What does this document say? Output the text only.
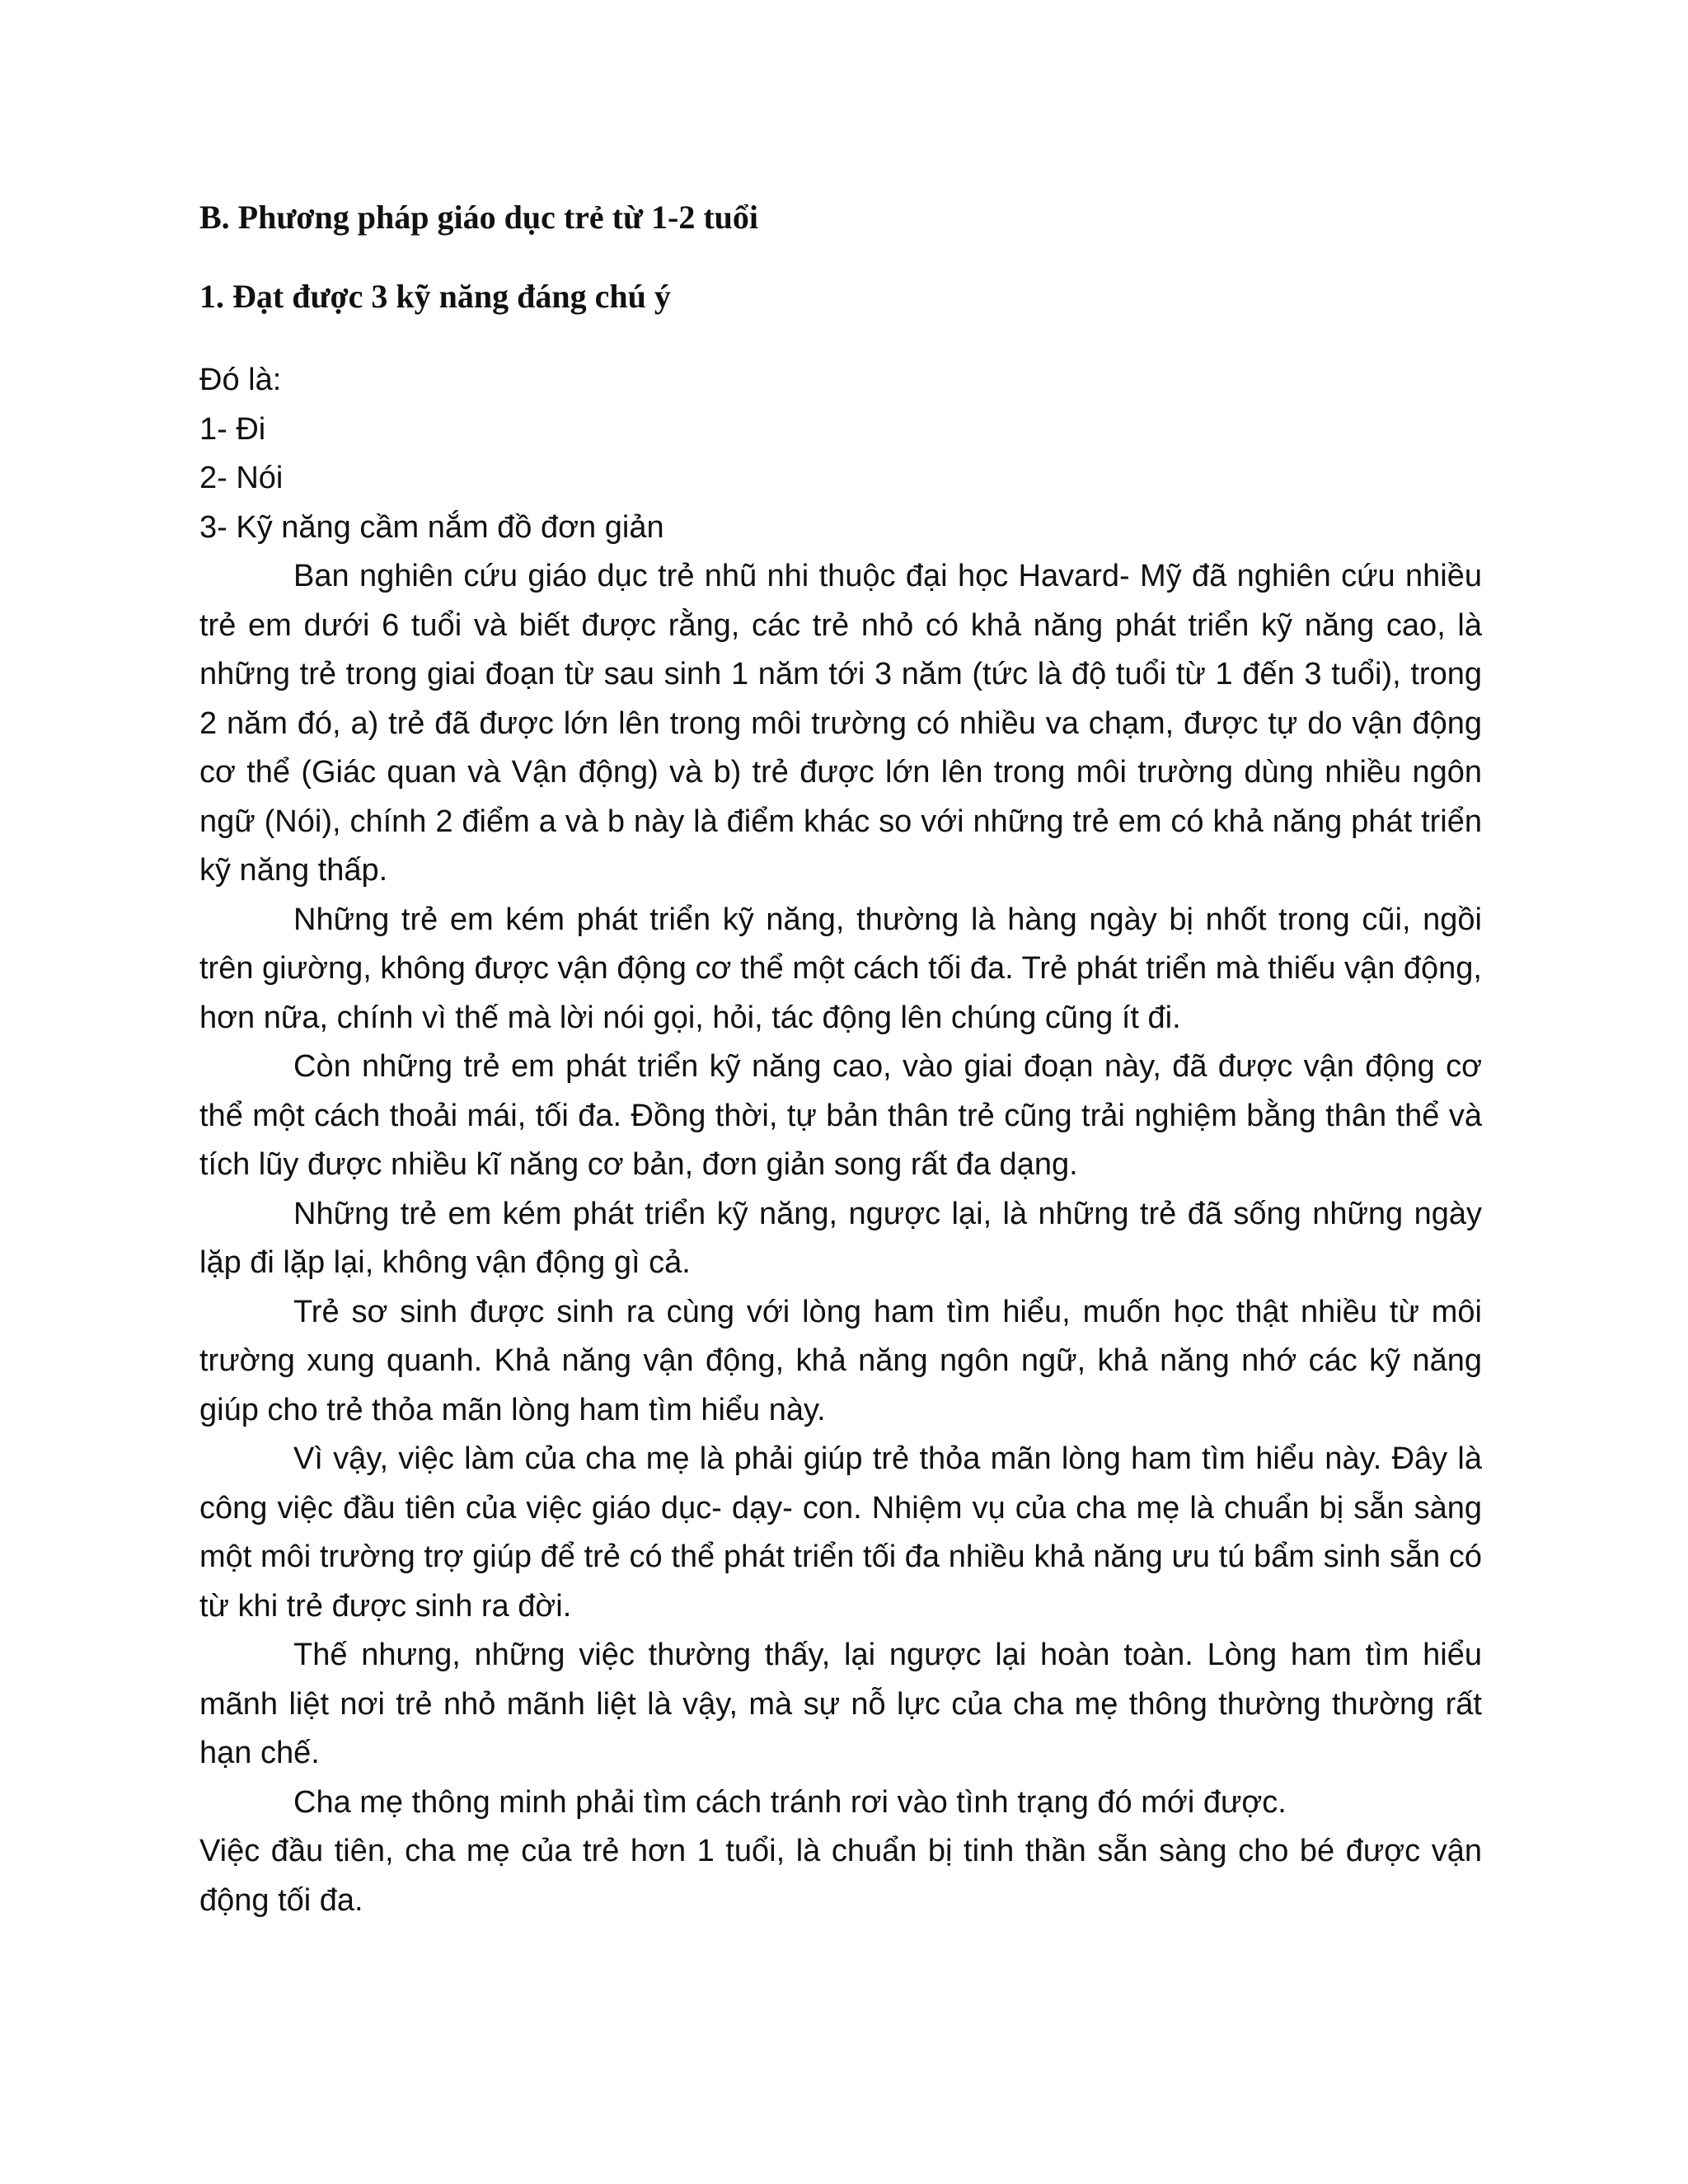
B. Phương pháp giáo dục trẻ từ 1-2 tuổi
1. Đạt được 3 kỹ năng đáng chú ý

Đó là:

1- Đi

2- Nói

3- Kỹ năng cầm nắm đồ đơn giản

Ban nghiên cứu giáo dục trẻ nhũ nhi thuộc đại học Havard- Mỹ đã nghiên cứu nhiều trẻ em dưới 6 tuổi và biết được rằng, các trẻ nhỏ có khả năng phát triển kỹ năng cao, là những trẻ trong giai đoạn từ sau sinh 1 năm tới 3 năm (tức là độ tuổi từ 1 đến 3 tuổi), trong 2 năm đó, a) trẻ đã được lớn lên trong môi trường có nhiều va chạm, được tự do vận động cơ thể (Giác quan và Vận động) và b) trẻ được lớn lên trong môi trường dùng nhiều ngôn ngữ (Nói), chính 2 điểm a và b này là điểm khác so với những trẻ em có khả năng phát triển kỹ năng thấp.

Những trẻ em kém phát triển kỹ năng, thường là hàng ngày bị nhốt trong cũi, ngồi trên giường, không được vận động cơ thể một cách tối đa. Trẻ phát triển mà thiếu vận động, hơn nữa, chính vì thế mà lời nói gọi, hỏi, tác động lên chúng cũng ít đi.

Còn những trẻ em phát triển kỹ năng cao, vào giai đoạn này, đã được vận động cơ thể một cách thoải mái, tối đa. Đồng thời, tự bản thân trẻ cũng trải nghiệm bằng thân thể và tích lũy được nhiều kĩ năng cơ bản, đơn giản song rất đa dạng.

Những trẻ em kém phát triển kỹ năng, ngược lại, là những trẻ đã sống những ngày lặp đi lặp lại, không vận động gì cả.

Trẻ sơ sinh được sinh ra cùng với lòng ham tìm hiểu, muốn học thật nhiều từ môi trường xung quanh. Khả năng vận động, khả năng ngôn ngữ, khả năng nhớ các kỹ năng giúp cho trẻ thỏa mãn lòng ham tìm hiểu này.

Vì vậy, việc làm của cha mẹ là phải giúp trẻ thỏa mãn lòng ham tìm hiểu này. Đây là công việc đầu tiên của việc giáo dục- dạy- con. Nhiệm vụ của cha mẹ là chuẩn bị sẵn sàng một môi trường trợ giúp để trẻ có thể phát triển tối đa nhiều khả năng ưu tú bẩm sinh sẵn có từ khi trẻ được sinh ra đời.

Thế nhưng, những việc thường thấy, lại ngược lại hoàn toàn. Lòng ham tìm hiểu mãnh liệt nơi trẻ nhỏ mãnh liệt là vậy, mà sự nỗ lực của cha mẹ thông thường thường rất hạn chế.

Cha mẹ thông minh phải tìm cách tránh rơi vào tình trạng đó mới được.

Việc đầu tiên, cha mẹ của trẻ hơn 1 tuổi, là chuẩn bị tinh thần sẵn sàng cho bé được vận động tối đa.
